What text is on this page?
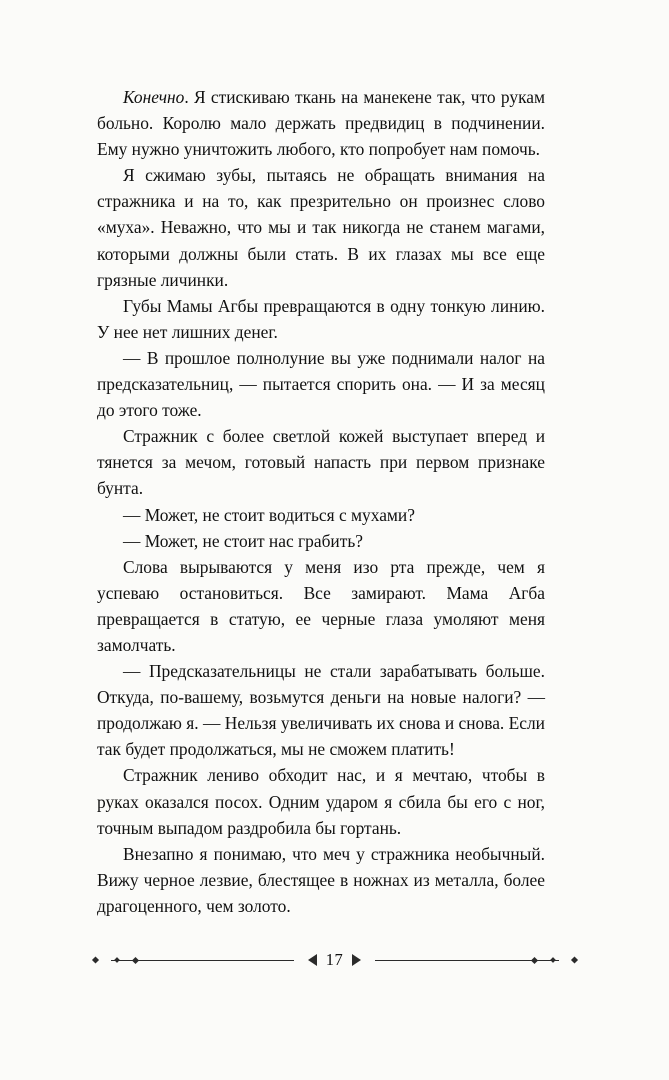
Конечно. Я стискиваю ткань на манекене так, что рукам больно. Королю мало держать предвидиц в подчинении. Ему нужно уничтожить любого, кто попробует нам помочь.

Я сжимаю зубы, пытаясь не обращать внимания на стражника и на то, как презрительно он произнес слово «муха». Неважно, что мы и так никогда не станем магами, которыми должны были стать. В их глазах мы все еще грязные личинки.

Губы Мамы Агбы превращаются в одну тонкую линию. У нее нет лишних денег.

— В прошлое полнолуние вы уже поднимали налог на предсказательниц, — пытается спорить она. — И за месяц до этого тоже.

Стражник с более светлой кожей выступает вперед и тянется за мечом, готовый напасть при первом признаке бунта.

— Может, не стоит водиться с мухами?

— Может, не стоит нас грабить?

Слова вырываются у меня изо рта прежде, чем я успеваю остановиться. Все замирают. Мама Агба превращается в статую, ее черные глаза умоляют меня замолчать.

— Предсказательницы не стали зарабатывать больше. Откуда, по-вашему, возьмутся деньги на новые налоги? — продолжаю я. — Нельзя увеличивать их снова и снова. Если так будет продолжаться, мы не сможем платить!

Стражник лениво обходит нас, и я мечтаю, чтобы в руках оказался посох. Одним ударом я сбила бы его с ног, точным выпадом раздробила бы гортань.

Внезапно я понимаю, что меч у стражника необычный. Вижу черное лезвие, блестящее в ножнах из металла, более драгоценного, чем золото.

17
